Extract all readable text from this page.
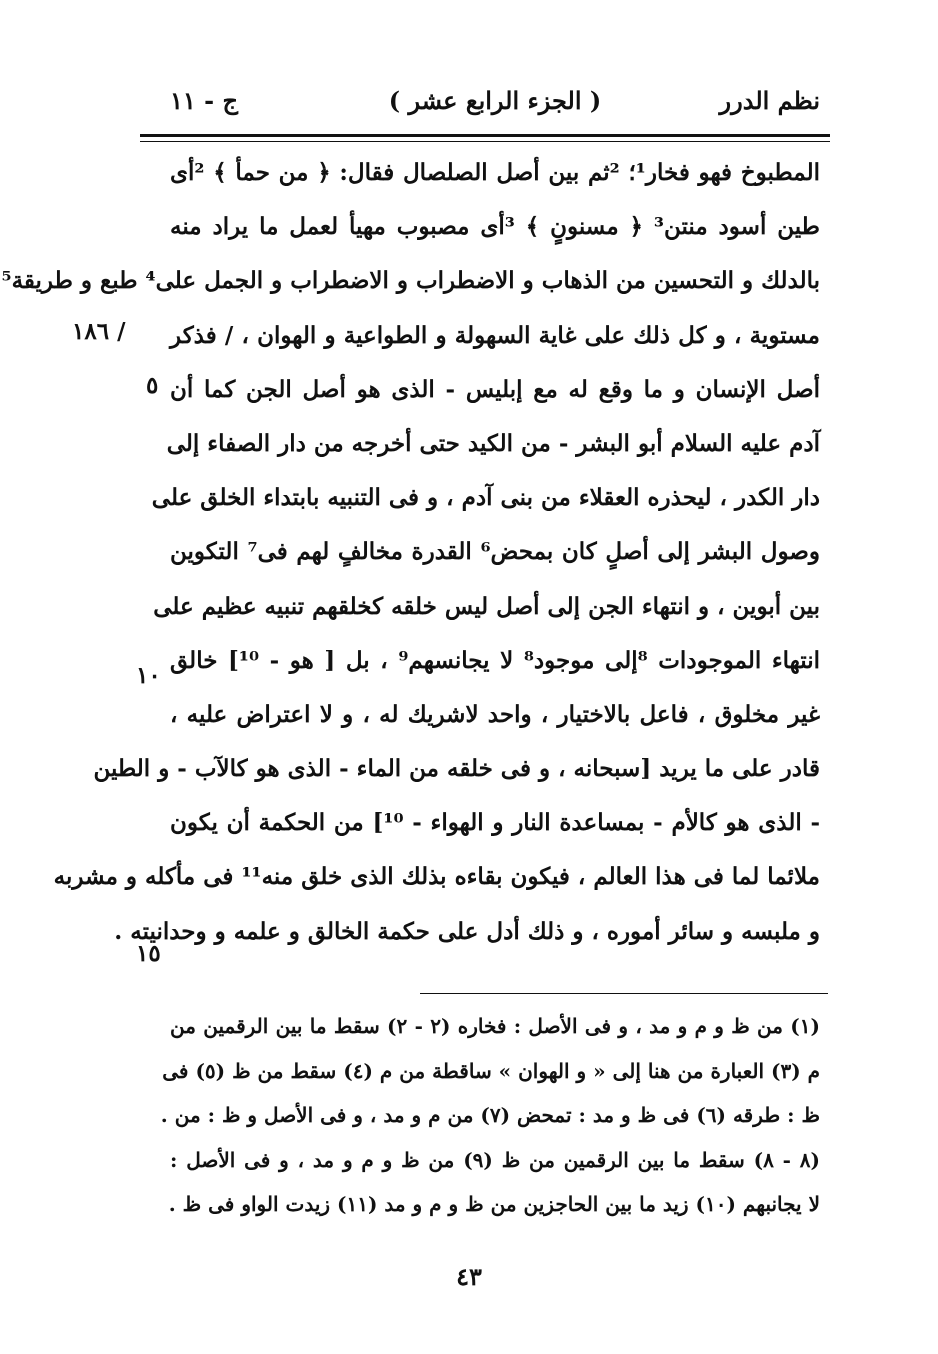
نظم الدرر
( الجزء الرابع عشر )
ج - ١١
المطبوخ فهو فخار¹؛ ²ثم بين أصل الصلصال فقال: ﴿ من حمأ ﴾ ²أى
طين أسود منتن³ ﴿ مسنونٍ ﴾ ³أى مصبوب مهيأ لعمل ما يراد منه
بالدلك و التحسين من الذهاب و الاضطراب و الاضطراب و الجمل على⁴ طبع و طريقة⁵
مستوية ، و كل ذلك على غاية السهولة و الطواعية و الهوان ، / فذكر
أصل الإنسان و ما وقع له مع إبليس - الذى هو أصل الجن كما أن
آدم عليه السلام أبو البشر - من الكيد حتى أخرجه من دار الصفاء إلى
دار الكدر ، ليحذره العقلاء من بنى آدم ، و فى التنبيه بابتداء الخلق على
وصول البشر إلى أصلٍ كان بمحض⁶ القدرة مخالفٍ لهم فى⁷ التكوين
بين أبوين ، و انتهاء الجن إلى أصل ليس خلقه كخلقهم تنبيه عظيم على
انتهاء الموجودات ⁸إلى موجود⁸ لا يجانسهم⁹ ، بل [ هو - ¹⁰] خالق
غير مخلوق ، فاعل بالاختيار ، واحد لاشريك له ، و لا اعتراض عليه ،
قادر على ما يريد [سبحانه ، و فى خلقه من الماء - الذى هو كالآب - و الطين
- الذى هو كالأم - بمساعدة النار و الهواء - ¹⁰] من الحكمة أن يكون
ملائما لما فى هذا العالم ، فيكون بقاءه بذلك الذى خلق منه¹¹ فى مأكله و مشربه
و ملبسه و سائر أموره ، و ذلك أدل على حكمة الخالق و علمه و وحدانيته .
/ ١٨٦
٥
١٠
١٥
(١) من ظ و م و مد ، و فى الأصل : فخاره (٢ - ٢) سقط ما بين الرقمين من
م (٣) العبارة من هنا إلى « و الهوان » ساقطة من م (٤) سقط من ظ (٥) فى
ظ : طرقه (٦) فى ظ و مد : تمحض (٧) من م و مد ، و فى الأصل و ظ : من .
(٨ - ٨) سقط ما بين الرقمين من ظ (٩) من ظ و م و مد ، و فى الأصل :
لا يجانبهم (١٠) زيد ما بين الحاجزين من ظ و م و مد (١١) زيدت الواو فى ظ .
٤٣
